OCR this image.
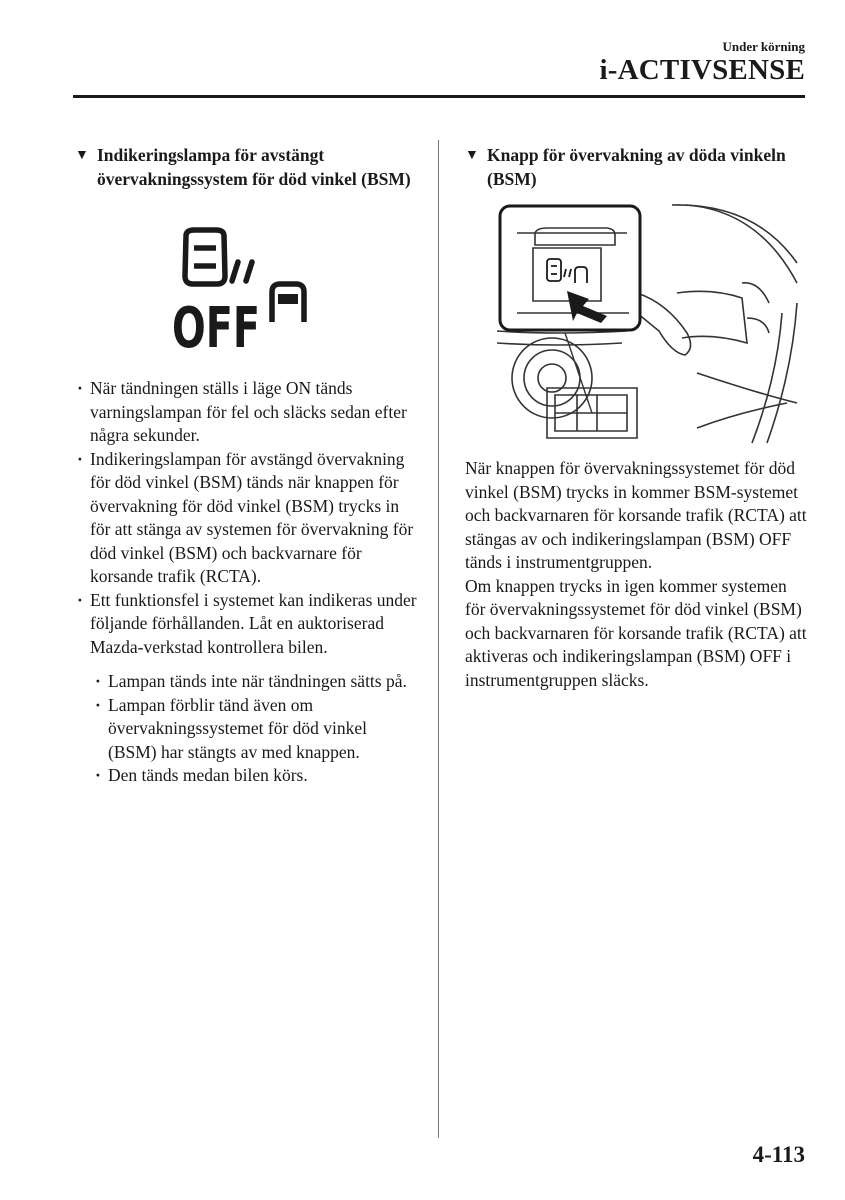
Under körning
i-ACTIVSENSE
▼ Indikeringslampa för avstängt övervakningssystem för död vinkel (BSM)
OFF
· När tändningen ställs i läge ON tänds varningslampan för fel och släcks sedan efter några sekunder.
· Indikeringslampan för avstängd övervakning för död vinkel (BSM) tänds när knappen för övervakning för död vinkel (BSM) trycks in för att stänga av systemen för övervakning för död vinkel (BSM) och backvarnare för korsande trafik (RCTA).
· Ett funktionsfel i systemet kan indikeras under följande förhållanden. Låt en auktoriserad Mazda-verkstad kontrollera bilen.
· Lampan tänds inte när tändningen sätts på.
· Lampan förblir tänd även om övervakningssystemet för död vinkel (BSM) har stängts av med knappen.
· Den tänds medan bilen körs.
▼ Knapp för övervakning av döda vinkeln (BSM)

När knappen för övervakningssystemet för död vinkel (BSM) trycks in kommer BSM-systemet och backvarnaren för korsande trafik (RCTA) att stängas av och indikeringslampan (BSM) OFF tänds i instrumentgruppen.

Om knappen trycks in igen kommer systemen för övervakningssystemet för död vinkel (BSM) och backvarnaren för korsande trafik (RCTA) att aktiveras och indikeringslampan (BSM) OFF i instrumentgruppen släcks.

4-113
